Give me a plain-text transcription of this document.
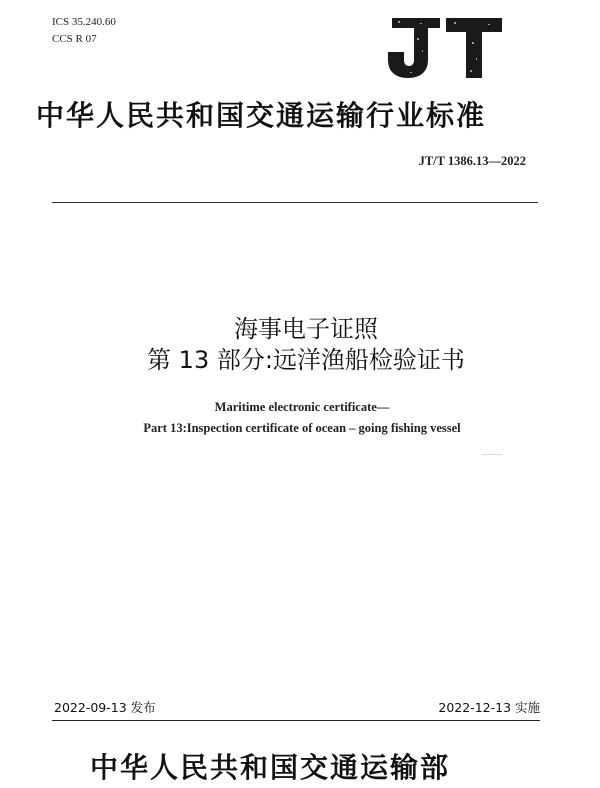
ICS 35.240.60
CCS R 07
中华人民共和国交通运输行业标准
JT/T 1386.13—2022
海事电子证照
第 13 部分:远洋渔船检验证书
Maritime electronic certificate—
Part 13:Inspection certificate of ocean – going fishing vessel
2022-09-13 发布	2022-12-13 实施
中华人民共和国交通运输部
